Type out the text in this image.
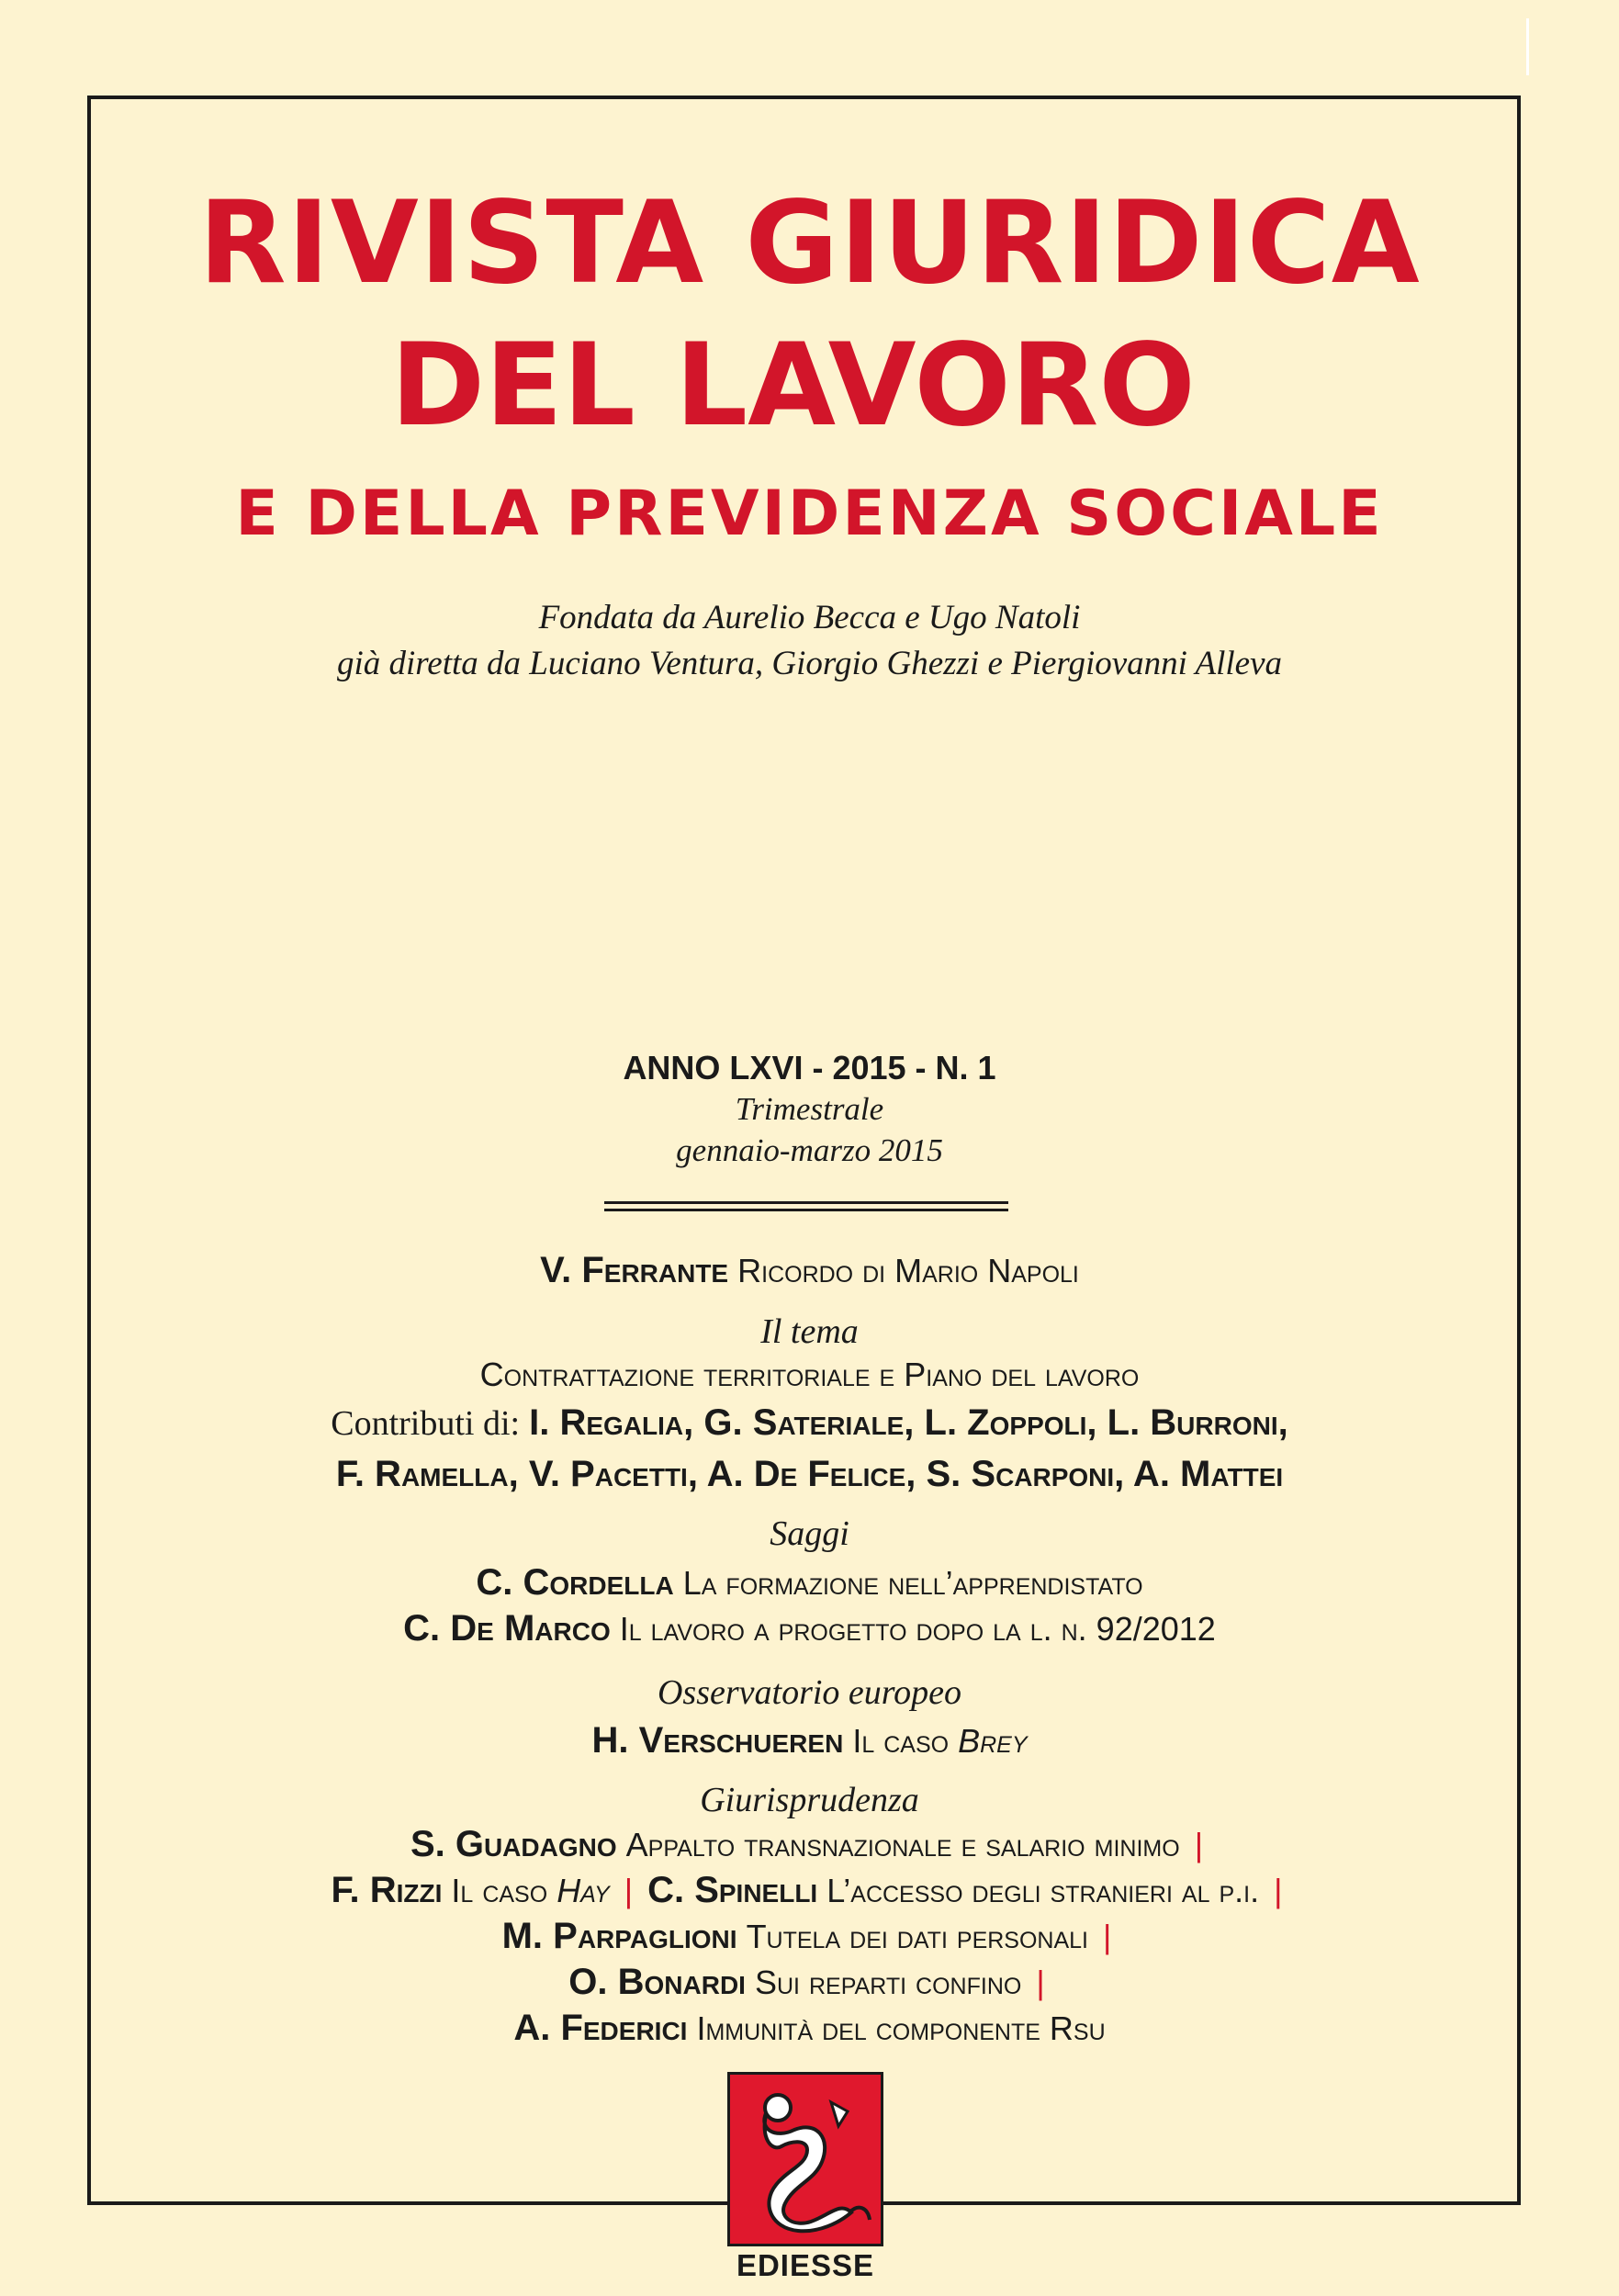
RIVISTA GIURIDICA
DEL LAVORO
E DELLA PREVIDENZA SOCIALE
Fondata da Aurelio Becca e Ugo Natoli
già diretta da Luciano Ventura, Giorgio Ghezzi e Piergiovanni Alleva
ANNO LXVI - 2015 - N. 1
Trimestrale
gennaio-marzo 2015
V. Ferrante Ricordo di Mario Napoli
Il tema
Contrattazione territoriale e Piano del lavoro
Contributi di: I. Regalia, G. Sateriale, L. Zoppoli, L. Burroni,
F. Ramella, V. Pacetti, A. De Felice, S. Scarponi, A. Mattei
Saggi
C. Cordella La formazione nell’apprendistato
C. De Marco Il lavoro a progetto dopo la l. n. 92/2012
Osservatorio europeo
H. Verschueren Il caso Brey
Giurisprudenza
S. Guadagno Appalto transnazionale e salario minimo |
F. Rizzi Il caso Hay | C. Spinelli L’accesso degli stranieri al p.i. |
M. Parpaglioni Tutela dei dati personali |
O. Bonardi Sui reparti confino |
A. Federici Immunità del componente Rsu
EDIESSE
